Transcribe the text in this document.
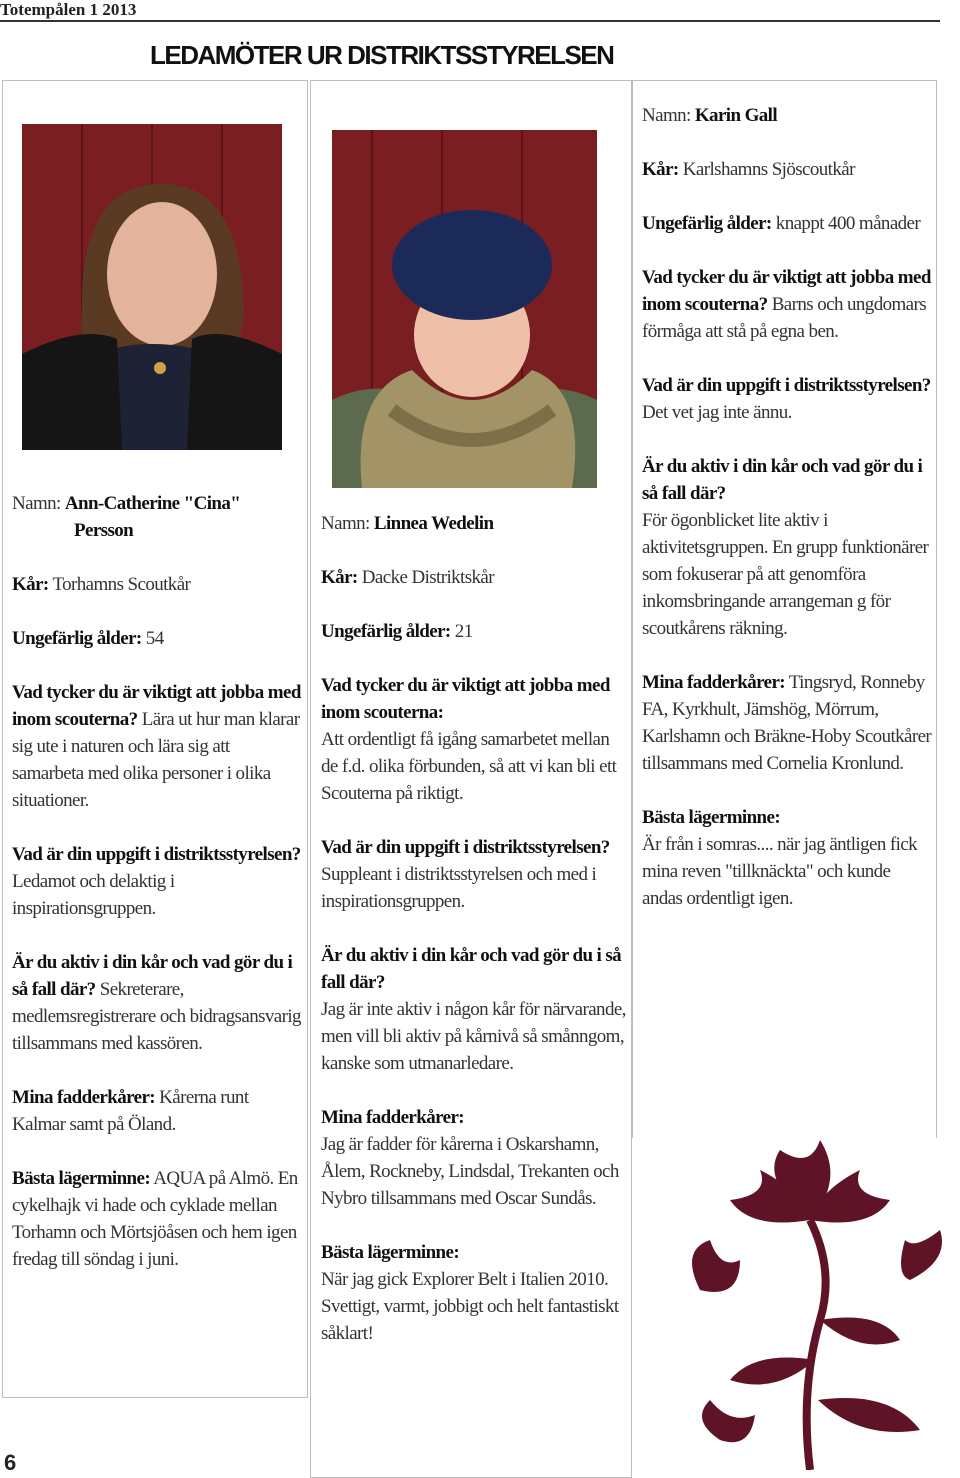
Totempålen 1 2013
LEDAMÖTER UR DISTRIKTSSTYRELSEN

Namn: Ann-Catherine "Cina"

Persson

Kår: Torhamns Scoutkår

Ungefärlig ålder: 54

Vad tycker du är viktigt att jobba med inom scouterna? Lära ut hur man klarar sig ute i naturen och lära sig att samarbeta med olika personer i olika situationer.

Vad är din uppgift i distriktsstyrelsen? Ledamot och delaktig i inspirationsgruppen.

Är du aktiv i din kår och vad gör du i så fall där? Sekreterare, medlemsregistrerare och bidragsansvarig tillsammans med kassören.

Mina fadderkårer: Kårerna runt Kalmar samt på Öland.

Bästa lägerminne: AQUA på Almö. En cykelhajk vi hade och cyklade mellan Torhamn och Mörtsjöåsen och hem igen fredag till söndag i juni.

Namn: Linnea Wedelin

Kår: Dacke Distriktskår

Ungefärlig ålder: 21

Vad tycker du är viktigt att jobba med inom scouterna:
Att ordentligt få igång samarbetet mellan de f.d. olika förbunden, så att vi kan bli ett Scouterna på riktigt.

Vad är din uppgift i distriktsstyrelsen?
Suppleant i distriktsstyrelsen och med i inspirationsgruppen.

Är du aktiv i din kår och vad gör du i så fall där?
Jag är inte aktiv i någon kår för närvarande, men vill bli aktiv på kårnivå så smånngom, kanske som utmanarledare.

Mina fadderkårer:
Jag är fadder för kårerna i Oskarshamn, Ålem, Rockneby, Lindsdal, Trekanten och Nybro tillsammans med Oscar Sundås.

Bästa lägerminne:
När jag gick Explorer Belt i Italien 2010. Svettigt, varmt, jobbigt och helt fantastiskt såklart!

Namn: Karin Gall

Kår: Karlshamns Sjöscoutkår

Ungefärlig ålder: knappt 400 månader

Vad tycker du är viktigt att jobba med inom scouterna? Barns och ungdomars förmåga att stå på egna ben.

Vad är din uppgift i distriktsstyrelsen?
Det vet jag inte ännu.

Är du aktiv i din kår och vad gör du i så fall där?
För ögonblicket lite aktiv i aktivitetsgruppen. En grupp funktionärer som fokuserar på att genomföra inkomsbringande arrangeman g för scoutkårens räkning.

Mina fadderkårer: Tingsryd, Ronneby FA, Kyrkhult, Jämshög, Mörrum, Karlshamn och Bräkne-Hoby Scoutkårer tillsammans med Cornelia Kronlund.

Bästa lägerminne:
Är från i somras.... när jag äntligen fick mina reven "tillknäckta" och kunde andas ordentligt igen.

6
